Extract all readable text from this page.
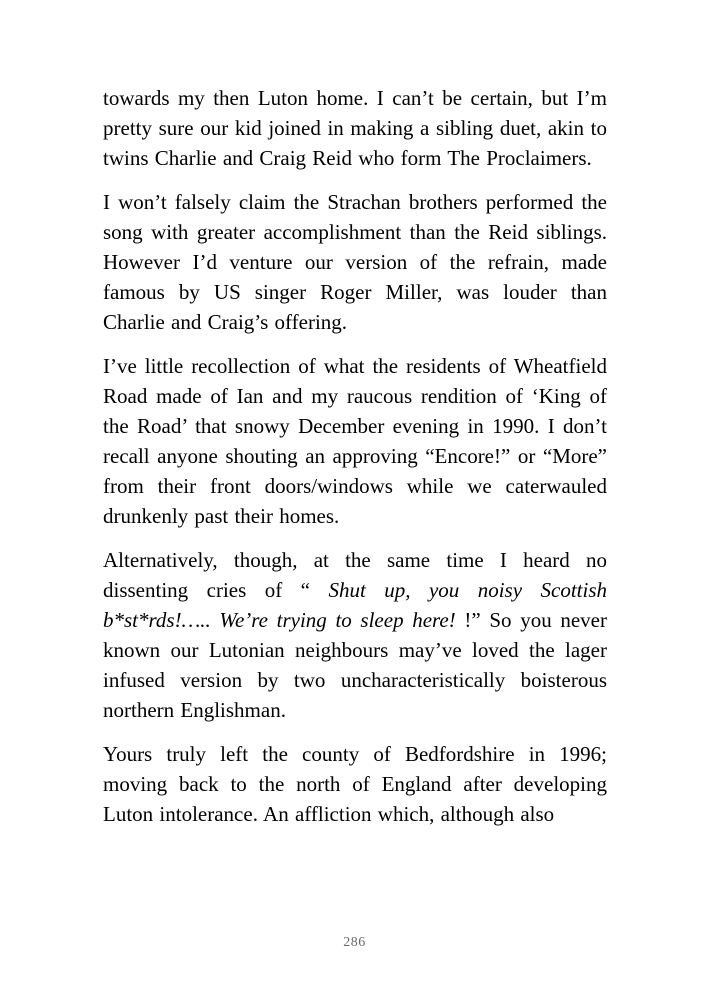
towards my then Luton home. I can’t be certain, but I’m pretty sure our kid joined in making a sibling duet, akin to twins Charlie and Craig Reid who form The Proclaimers.

I won’t falsely claim the Strachan brothers performed the song with greater accomplishment than the Reid siblings. However I’d venture our version of the refrain, made famous by US singer Roger Miller, was louder than Charlie and Craig’s offering.

I’ve little recollection of what the residents of Wheatfield Road made of Ian and my raucous rendition of ‘King of the Road’ that snowy December evening in 1990. I don’t recall anyone shouting an approving “Encore!” or “More” from their front doors/windows while we caterwauled drunkenly past their homes.

Alternatively, though, at the same time I heard no dissenting cries of “ Shut up, you noisy Scottish b*st*rds!….. We’re trying to sleep here! !” So you never known our Lutonian neighbours may’ve loved the lager infused version by two uncharacteristically boisterous northern Englishman.

Yours truly left the county of Bedfordshire in 1996; moving back to the north of England after developing Luton intolerance. An affliction which, although also

286
